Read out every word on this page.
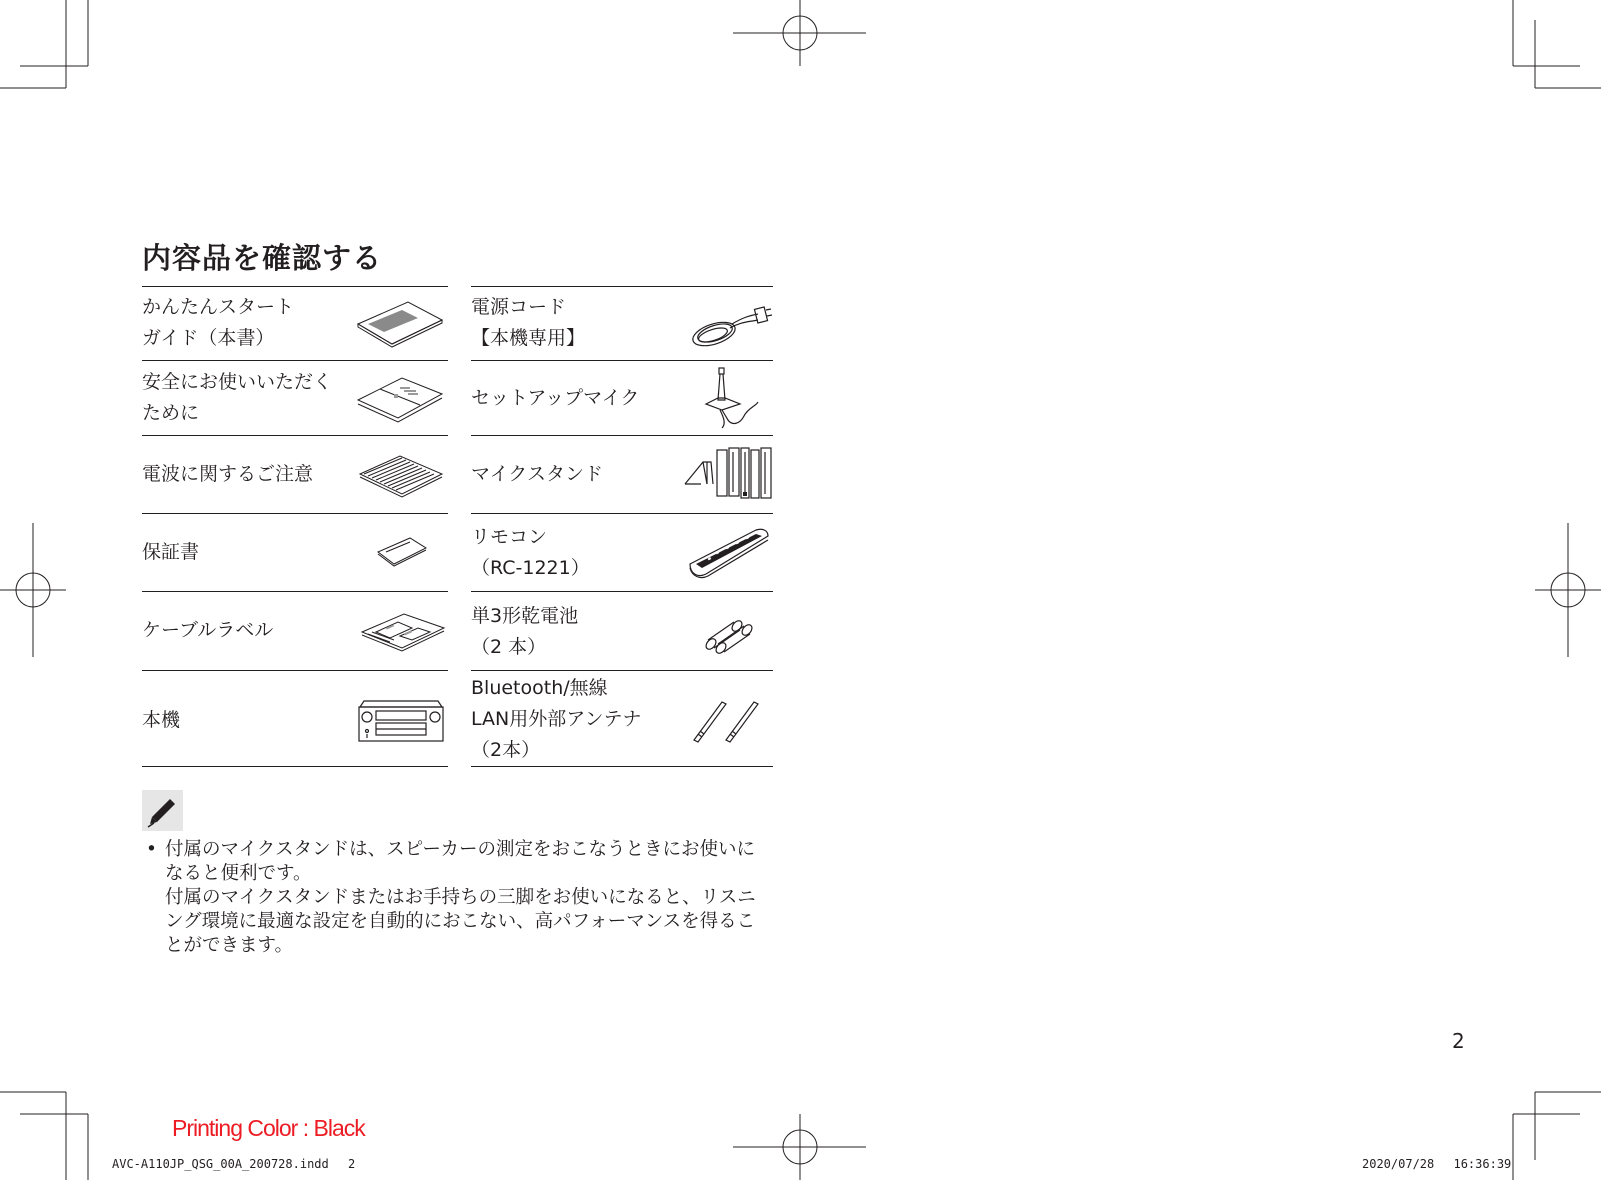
内容品を確認する
かんたんスタート
ガイド（本書）
安全にお使いいただく
ために
電波に関するご注意
保証書
ケーブルラベル
本機
電源コード
【本機専用】
セットアップマイク
マイクスタンド
リモコン
（RC-1221）
単3形乾電池
（2 本）
Bluetooth/無線
LAN用外部アンテナ
（2本）
• 付属のマイクスタンドは、スピーカーの測定をおこなうときにお使いになると便利です。

付属のマイクスタンドまたはお手持ちの三脚をお使いになると、リスニング環境に最適な設定を自動的におこない、高パフォーマンスを得ることができます。

2
Printing Color : Black
AVC-A110JP_QSG_00A_200728.indd　 2	2020/07/28　 16:36:39
